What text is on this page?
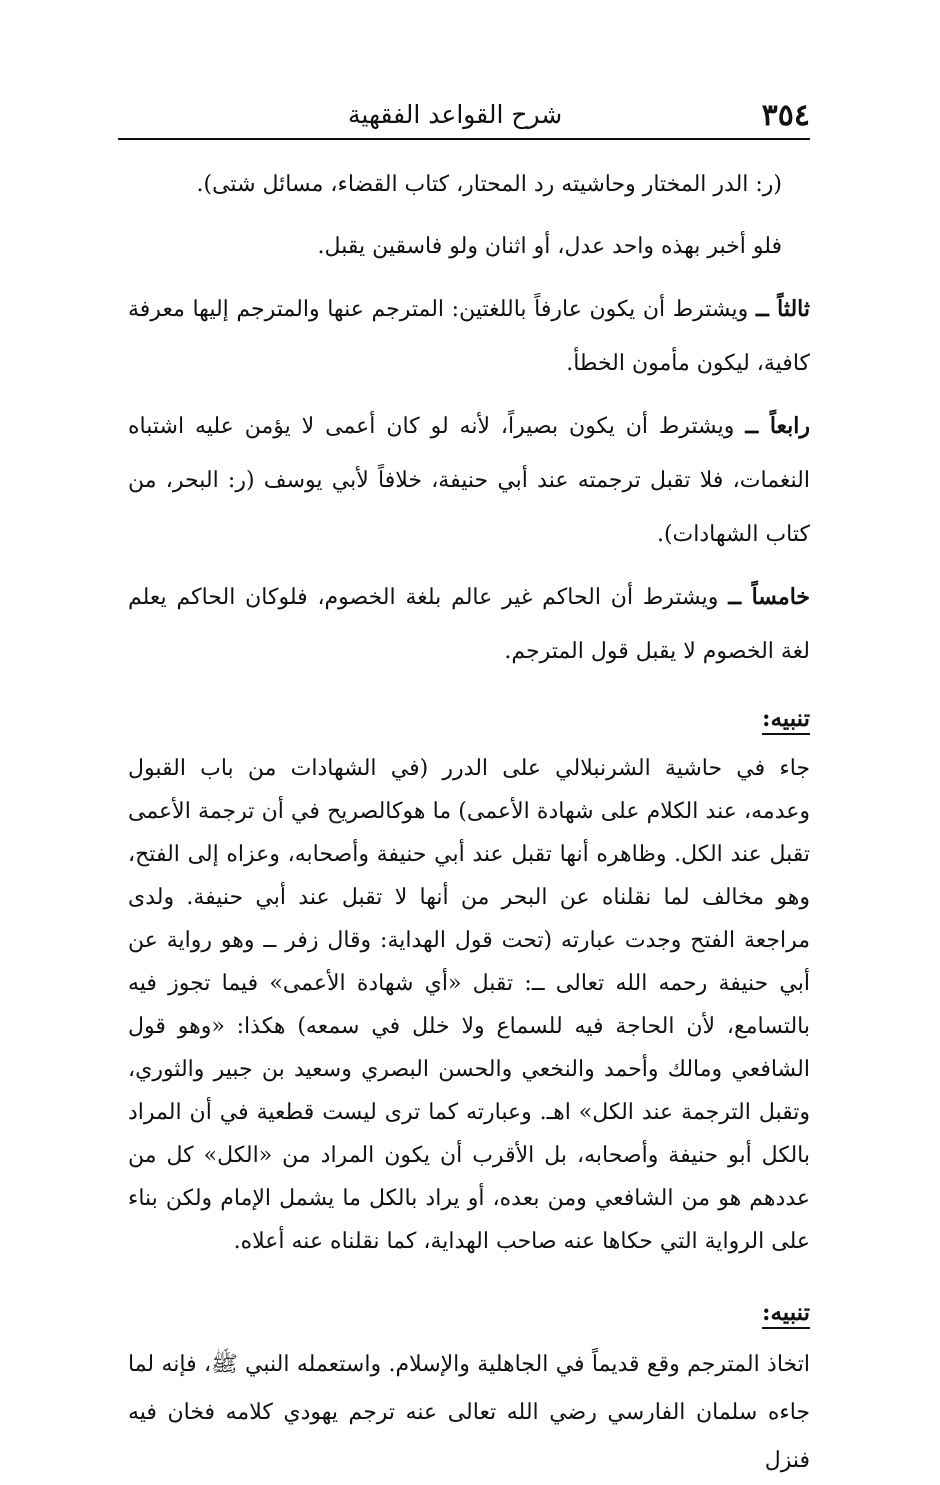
٣٥٤
شرح القواعد الفقهية

(ر: الدر المختار وحاشيته رد المحتار، كتاب القضاء، مسائل شتى).

فلو أخبر بهذه واحد عدل، أو اثنان ولو فاسقين يقبل.

ثالثاً ــ ويشترط أن يكون عارفاً باللغتين: المترجم عنها والمترجم إليها معرفة كافية، ليكون مأمون الخطأ.

رابعاً ــ ويشترط أن يكون بصيراً، لأنه لو كان أعمى لا يؤمن عليه اشتباه النغمات، فلا تقبل ترجمته عند أبي حنيفة، خلافاً لأبي يوسف (ر: البحر، من كتاب الشهادات).

خامساً ــ ويشترط أن الحاكم غير عالم بلغة الخصوم، فلوكان الحاكم يعلم لغة الخصوم لا يقبل قول المترجم.

تنبيه:

جاء في حاشية الشرنبلالي على الدرر (في الشهادات من باب القبول وعدمه، عند الكلام على شهادة الأعمى) ما هوكالصريح في أن ترجمة الأعمى تقبل عند الكل. وظاهره أنها تقبل عند أبي حنيفة وأصحابه، وعزاه إلى الفتح، وهو مخالف لما نقلناه عن البحر من أنها لا تقبل عند أبي حنيفة. ولدى مراجعة الفتح وجدت عبارته (تحت قول الهداية: وقال زفر ــ وهو رواية عن أبي حنيفة رحمه الله تعالى ــ: تقبل «أي شهادة الأعمى» فيما تجوز فيه بالتسامع، لأن الحاجة فيه للسماع ولا خلل في سمعه) هكذا: «وهو قول الشافعي ومالك وأحمد والنخعي والحسن البصري وسعيد بن جبير والثوري، وتقبل الترجمة عند الكل» اهـ. وعبارته كما ترى ليست قطعية في أن المراد بالكل أبو حنيفة وأصحابه، بل الأقرب أن يكون المراد من «الكل» كل من عددهم هو من الشافعي ومن بعده، أو يراد بالكل ما يشمل الإمام ولكن بناء على الرواية التي حكاها عنه صاحب الهداية، كما نقلناه عنه أعلاه.

تنبيه:

اتخاذ المترجم وقع قديماً في الجاهلية والإسلام. واستعمله النبي ﷺ، فإنه لما جاءه سلمان الفارسي رضي الله تعالى عنه ترجم يهودي كلامه فخان فيه فنزل
